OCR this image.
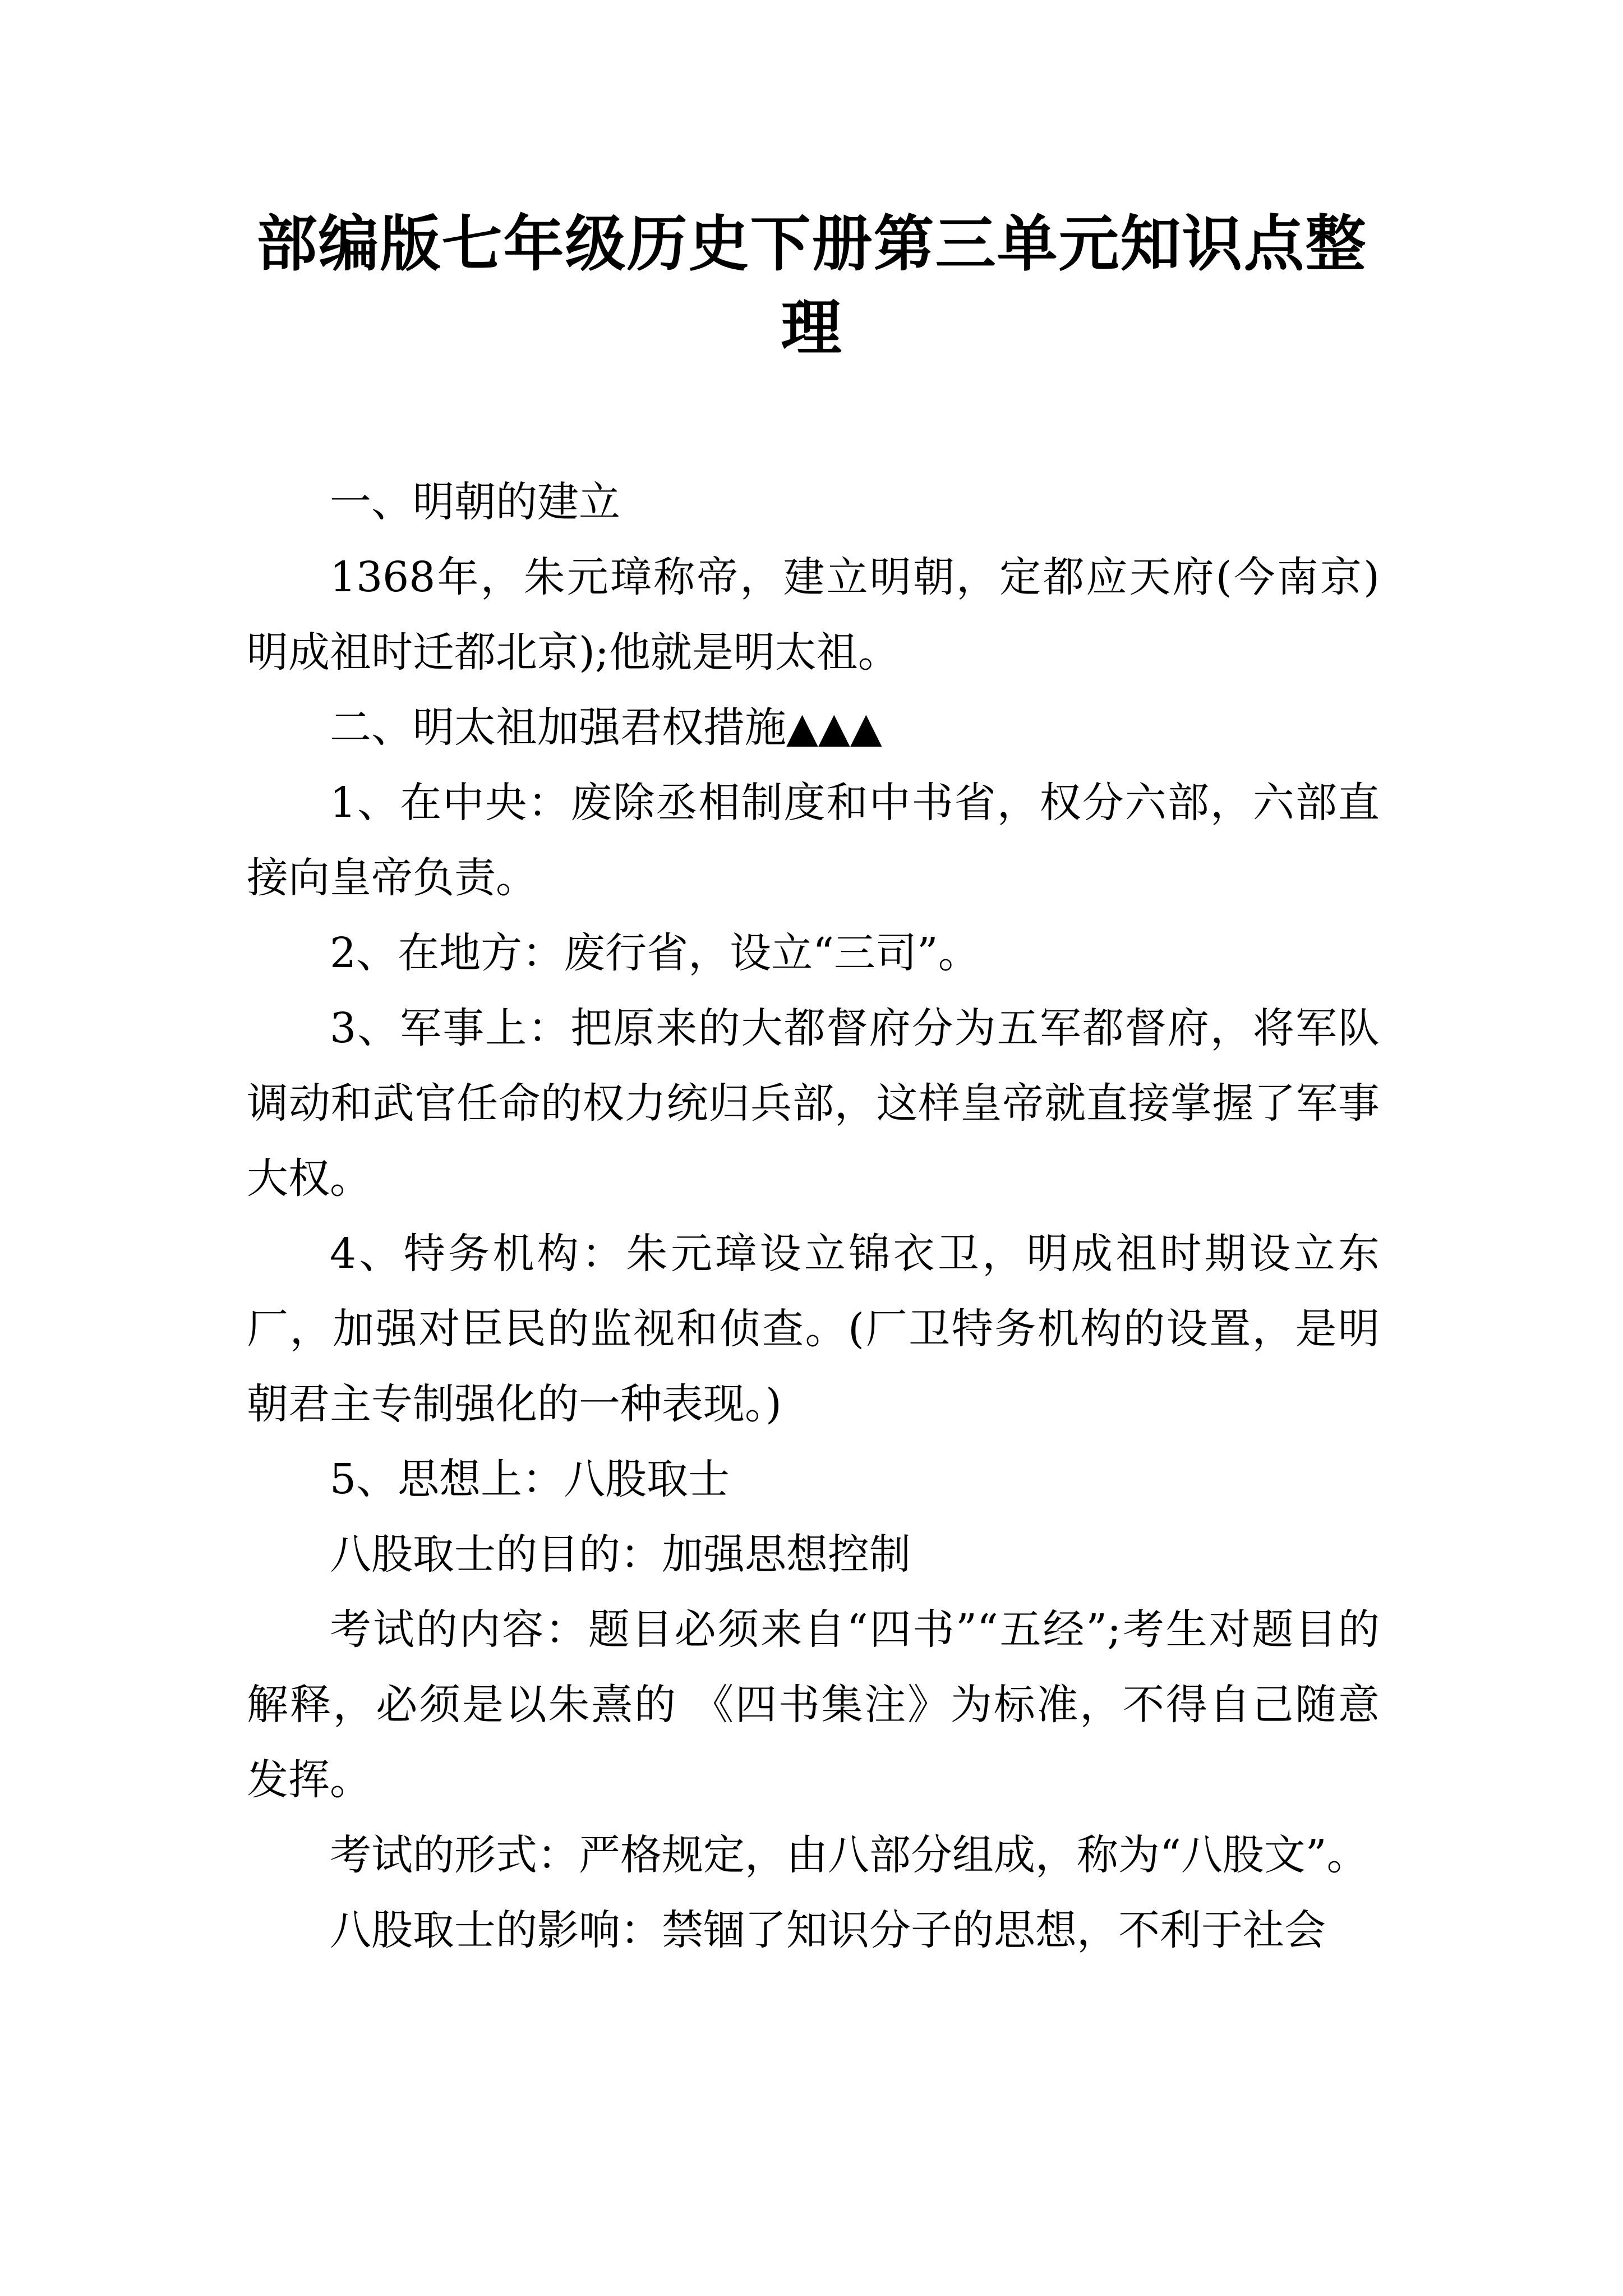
部编版七年级历史下册第三单元知识点整
理

一、明朝的建立

1368年，朱元璋称帝，建立明朝，定都应天府(今南京)明成祖时迁都北京);他就是明太祖。

二、明太祖加强君权措施▲▲▲

1、在中央：废除丞相制度和中书省，权分六部，六部直接向皇帝负责。

2、在地方：废行省，设立“三司”。

3、军事上：把原来的大都督府分为五军都督府，将军队调动和武官任命的权力统归兵部，这样皇帝就直接掌握了军事大权。

4、特务机构：朱元璋设立锦衣卫，明成祖时期设立东厂，加强对臣民的监视和侦查。(厂卫特务机构的设置，是明朝君主专制强化的一种表现。)

5、思想上：八股取士

八股取士的目的：加强思想控制

考试的内容：题目必须来自“四书”“五经”;考生对题目的解释，必须是以朱熹的 《四书集注》为标准，不得自己随意发挥。

考试的形式：严格规定，由八部分组成，称为“八股文”。

八股取士的影响：禁锢了知识分子的思想，不利于社会
